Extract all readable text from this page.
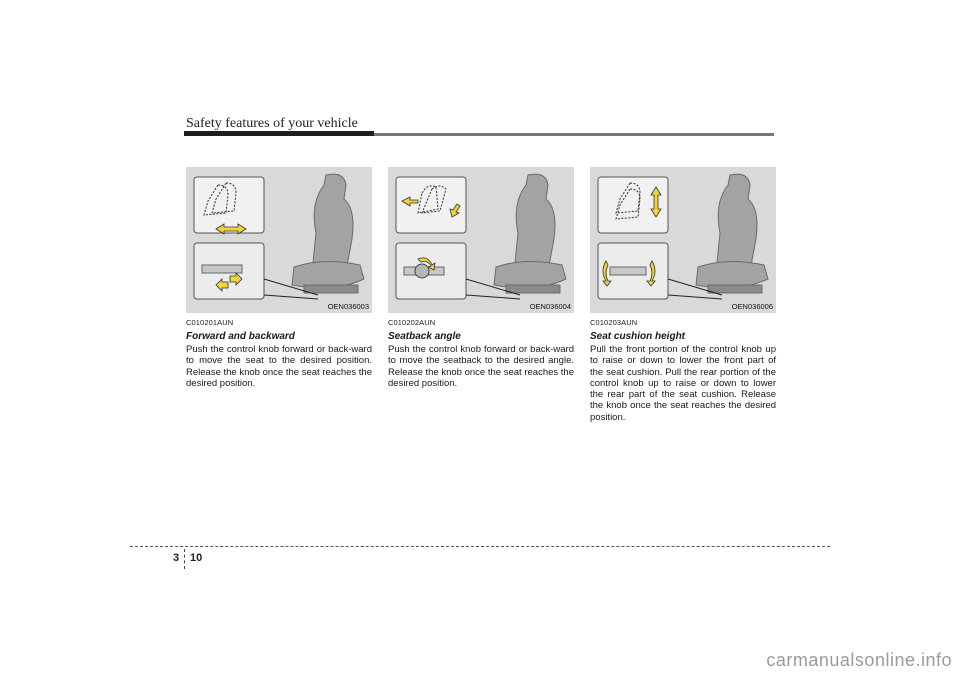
Safety features of your vehicle
OEN036003
C010201AUN
Forward and backward
Push the control knob forward or back-ward to move the seat to the desired position. Release the knob once the seat reaches the desired position.
OEN036004
C010202AUN
Seatback angle
Push the control knob forward or back-ward to move the seatback to the desired angle. Release the knob once the seat reaches the desired position.
OEN036006
C010203AUN
Seat cushion height
Pull the front portion of the control knob up to raise or down to lower the front part of the seat cushion. Pull the rear portion of the control knob up to raise or down to lower the rear part of the seat cushion. Release the knob once the seat reaches the desired position.
3 10
carmanualsonline.info
